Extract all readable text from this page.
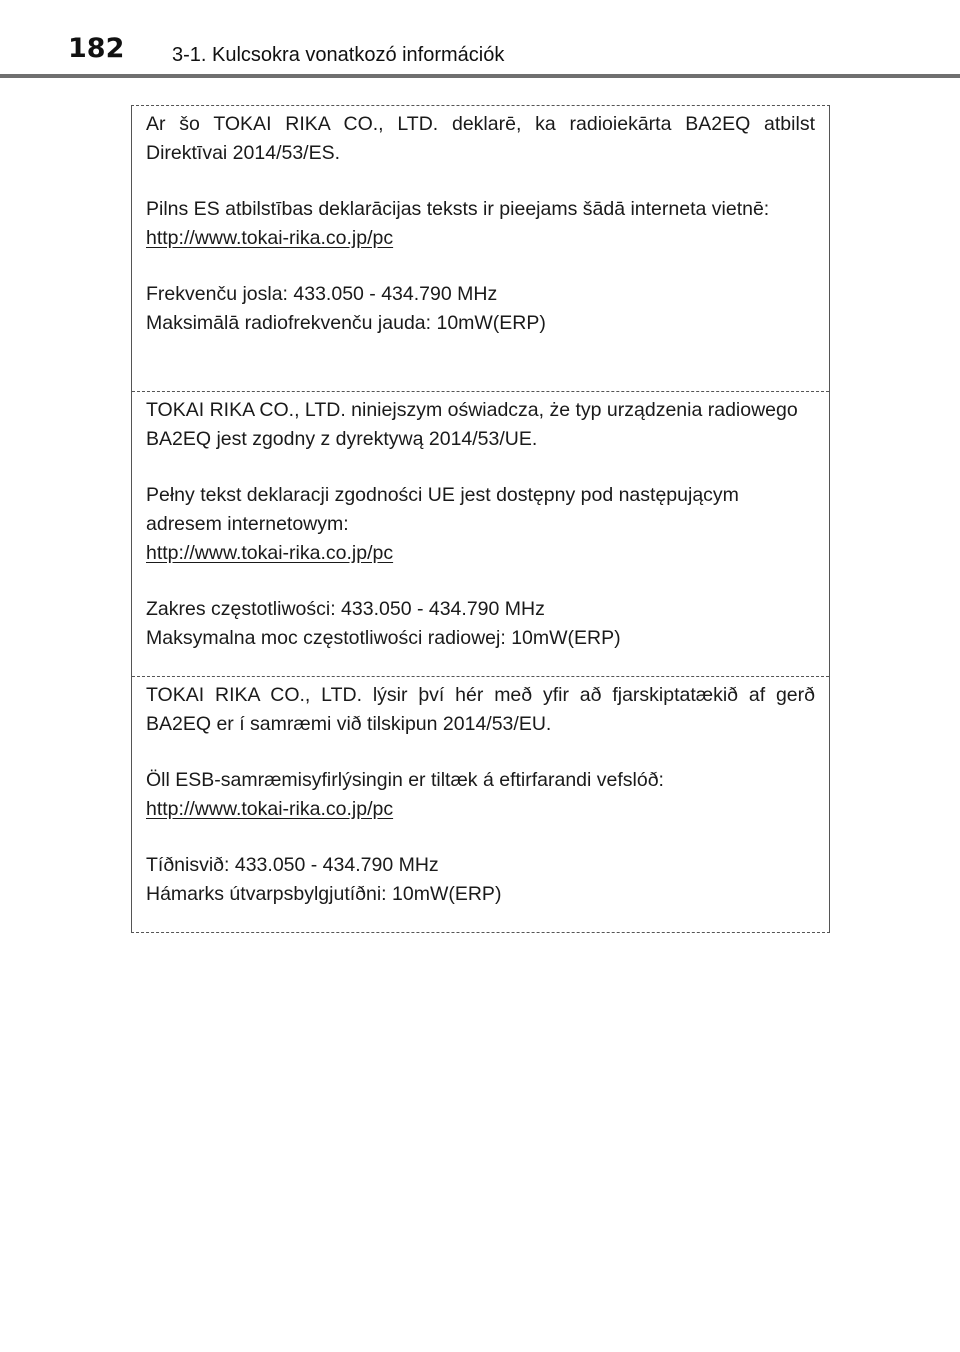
182 3-1. Kulcsokra vonatkozó információk

Ar šo TOKAI RIKA CO., LTD. deklarē, ka radioiekārta BA2EQ atbilst Direktīvai 2014/53/ES.

Pilns ES atbilstības deklarācijas teksts ir pieejams šādā interneta vietnē:

http://www.tokai-rika.co.jp/pc

Frekvenču josla: 433.050 - 434.790 MHz

Maksimālā radiofrekvenču jauda: 10mW(ERP)

TOKAI RIKA CO., LTD. niniejszym oświadcza, że typ urządzenia radiowego BA2EQ jest zgodny z dyrektywą 2014/53/UE.

Pełny tekst deklaracji zgodności UE jest dostępny pod następującym adresem internetowym:

http://www.tokai-rika.co.jp/pc

Zakres częstotliwości: 433.050 - 434.790 MHz

Maksymalna moc częstotliwości radiowej: 10mW(ERP)

TOKAI RIKA CO., LTD. lýsir því hér með yfir að fjarskiptatækið af gerð BA2EQ er í samræmi við tilskipun 2014/53/EU.

Öll ESB-samræmisyfirlýsingin er tiltæk á eftirfarandi vefslóð:

http://www.tokai-rika.co.jp/pc

Tíðnisvið: 433.050 - 434.790 MHz

Hámarks útvarpsbylgjutíðni: 10mW(ERP)
